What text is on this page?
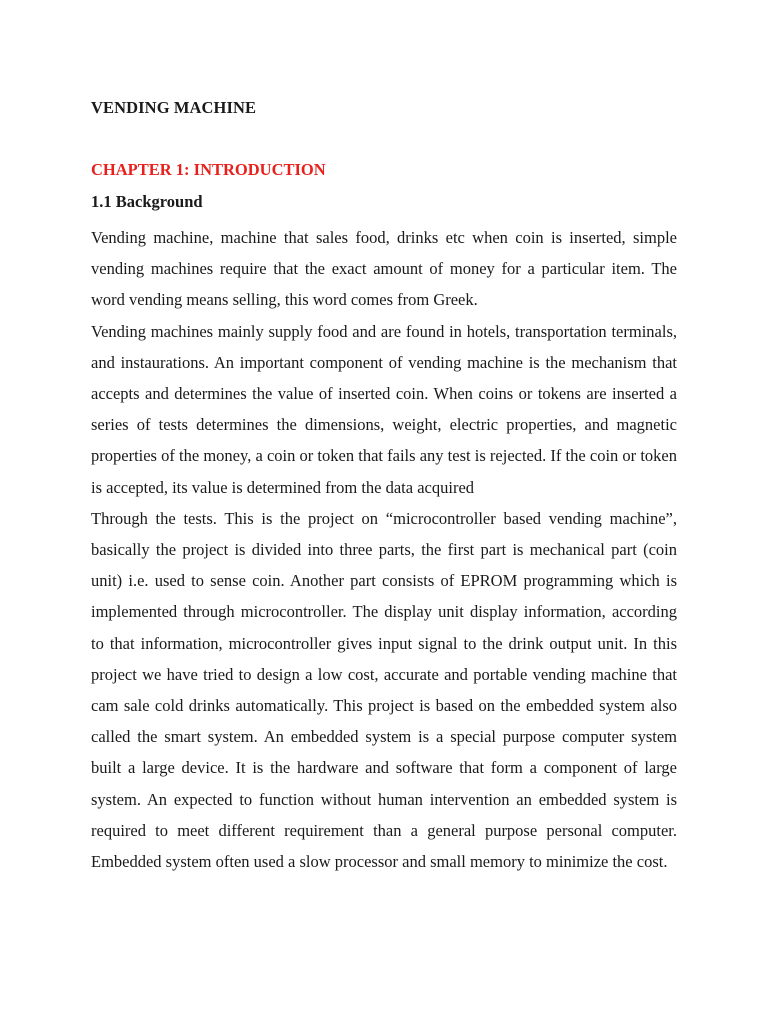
VENDING MACHINE
CHAPTER 1: INTRODUCTION
1.1 Background

Vending machine, machine that sales food, drinks etc when coin is inserted, simple vending machines require that the exact amount of money for a particular item. The word vending means selling, this word comes from Greek.

Vending machines mainly supply food and are found in hotels, transportation terminals, and instaurations. An important component of vending machine is the mechanism that accepts and determines the value of inserted coin. When coins or tokens are inserted a series of tests determines the dimensions, weight, electric properties, and magnetic properties of the money, a coin or token that fails any test is rejected. If the coin or token is accepted, its value is determined from the data acquired

Through the tests. This is the project on “microcontroller based vending machine”, basically the project is divided into three parts, the first part is mechanical part (coin unit) i.e. used to sense coin. Another part consists of EPROM programming which is implemented through microcontroller. The display unit display information, according to that information, microcontroller gives input signal to the drink output unit. In this project we have tried to design a low cost, accurate and portable vending machine that cam sale cold drinks automatically. This project is based on the embedded system also called the smart system. An embedded system is a special purpose computer system built a large device. It is the hardware and software that form a component of large system. An expected to function without human intervention an embedded system is required to meet different requirement than a general purpose personal computer. Embedded system often used a slow processor and small memory to minimize the cost.
